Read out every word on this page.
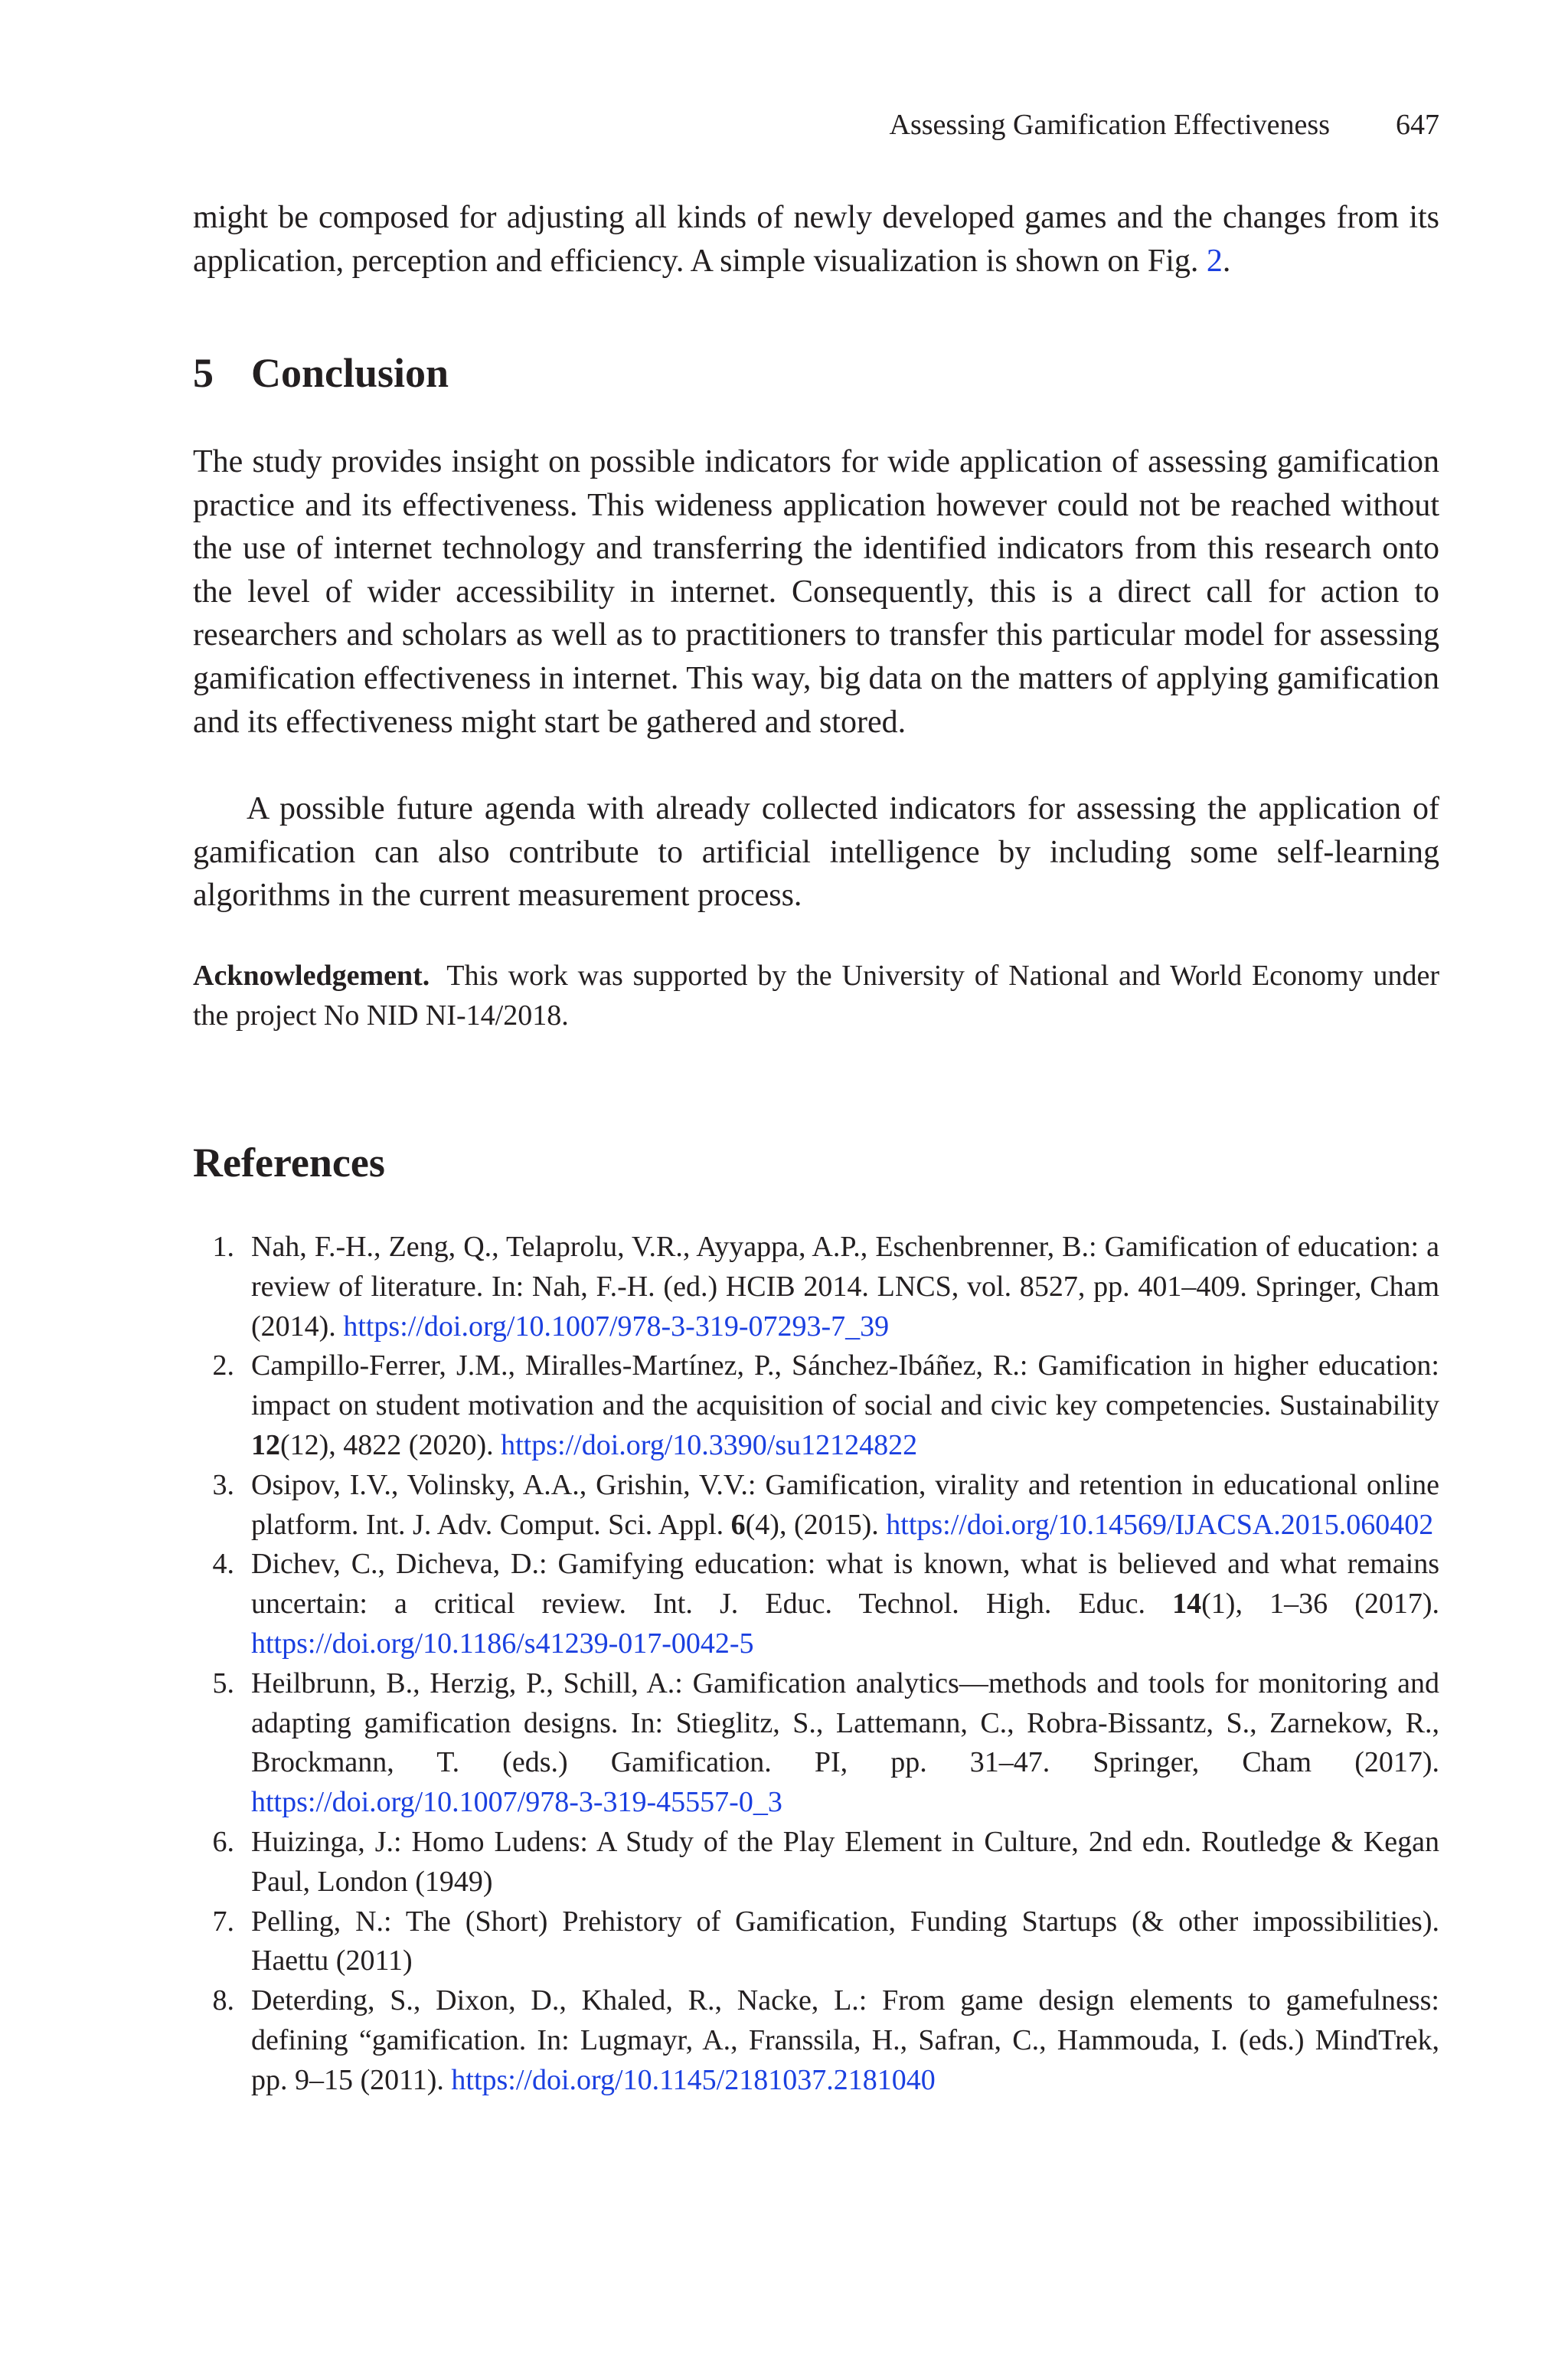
Assessing Gamification Effectiveness 647

might be composed for adjusting all kinds of newly developed games and the changes from its application, perception and efficiency. A simple visualization is shown on Fig. 2.

5 Conclusion

The study provides insight on possible indicators for wide application of assessing gamification practice and its effectiveness. This wideness application however could not be reached without the use of internet technology and transferring the identified indicators from this research onto the level of wider accessibility in internet. Consequently, this is a direct call for action to researchers and scholars as well as to practitioners to transfer this particular model for assessing gamification effectiveness in internet. This way, big data on the matters of applying gamification and its effectiveness might start be gathered and stored.

A possible future agenda with already collected indicators for assessing the application of gamification can also contribute to artificial intelligence by including some self-learning algorithms in the current measurement process.

Acknowledgement. This work was supported by the University of National and World Economy under the project No NID NI-14/2018.

References
1. Nah, F.-H., Zeng, Q., Telaprolu, V.R., Ayyappa, A.P., Eschenbrenner, B.: Gamification of education: a review of literature. In: Nah, F.-H. (ed.) HCIB 2014. LNCS, vol. 8527, pp. 401–409. Springer, Cham (2014). https://doi.org/10.1007/978-3-319-07293-7_39
2. Campillo-Ferrer, J.M., Miralles-Martínez, P., Sánchez-Ibáñez, R.: Gamification in higher education: impact on student motivation and the acquisition of social and civic key competencies. Sustainability 12(12), 4822 (2020). https://doi.org/10.3390/su12124822
3. Osipov, I.V., Volinsky, A.A., Grishin, V.V.: Gamification, virality and retention in educational online platform. Int. J. Adv. Comput. Sci. Appl. 6(4), (2015). https://doi.org/10.14569/IJACSA.2015.060402
4. Dichev, C., Dicheva, D.: Gamifying education: what is known, what is believed and what remains uncertain: a critical review. Int. J. Educ. Technol. High. Educ. 14(1), 1–36 (2017). https://doi.org/10.1186/s41239-017-0042-5
5. Heilbrunn, B., Herzig, P., Schill, A.: Gamification analytics—methods and tools for monitoring and adapting gamification designs. In: Stieglitz, S., Lattemann, C., Robra-Bissantz, S., Zarnekow, R., Brockmann, T. (eds.) Gamification. PI, pp. 31–47. Springer, Cham (2017). https://doi.org/10.1007/978-3-319-45557-0_3
6. Huizinga, J.: Homo Ludens: A Study of the Play Element in Culture, 2nd edn. Routledge & Kegan Paul, London (1949)
7. Pelling, N.: The (Short) Prehistory of Gamification, Funding Startups (& other impossibilities). Haettu (2011)
8. Deterding, S., Dixon, D., Khaled, R., Nacke, L.: From game design elements to gamefulness: defining “gamification. In: Lugmayr, A., Franssila, H., Safran, C., Hammouda, I. (eds.) MindTrek, pp. 9–15 (2011). https://doi.org/10.1145/2181037.2181040
